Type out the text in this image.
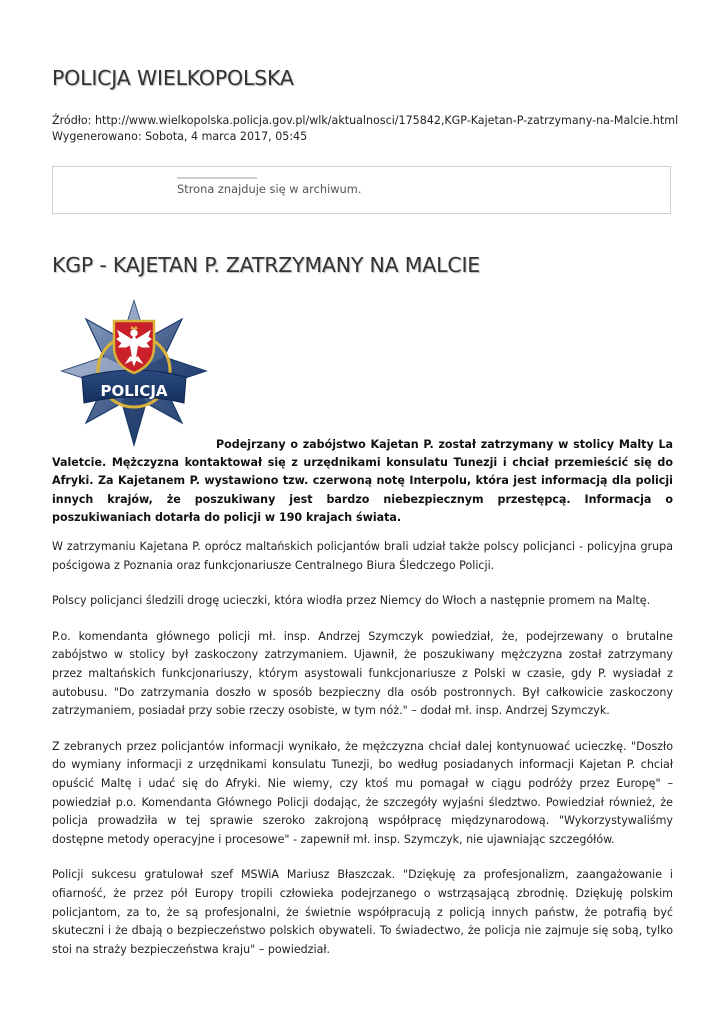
POLICJA WIELKOPOLSKA
Źródło: http://www.wielkopolska.policja.gov.pl/wlk/aktualnosci/175842,KGP-Kajetan-P-zatrzymany-na-Malcie.html
Wygenerowano: Sobota, 4 marca 2017, 05:45
Strona znajduje się w archiwum.
KGP - KAJETAN P. ZATRZYMANY NA MALCIE
POLICJA

Podejrzany o zabójstwo Kajetan P. został zatrzymany w stolicy Malty La Valetcie. Mężczyzna kontaktował się z urzędnikami konsulatu Tunezji i chciał przemieścić się do Afryki. Za Kajetanem P. wystawiono tzw. czerwoną notę Interpolu, która jest informacją dla policji innych krajów, że poszukiwany jest bardzo niebezpiecznym przestępcą. Informacja o poszukiwaniach dotarła do policji w 190 krajach świata.

W zatrzymaniu Kajetana P. oprócz maltańskich policjantów brali udział także polscy policjanci - policyjna grupa pościgowa z Poznania oraz funkcjonariusze Centralnego Biura Śledczego Policji.

Polscy policjanci śledzili drogę ucieczki, która wiodła przez Niemcy do Włoch a następnie promem na Maltę.

P.o. komendanta głównego policji mł. insp. Andrzej Szymczyk powiedział, że, podejrzewany o brutalne zabójstwo w stolicy był zaskoczony zatrzymaniem. Ujawnił, że poszukiwany mężczyzna został zatrzymany przez maltańskich funkcjonariuszy, którym asystowali funkcjonariusze z Polski w czasie, gdy P. wysiadał z autobusu. "Do zatrzymania doszło w sposób bezpieczny dla osób postronnych. Był całkowicie zaskoczony zatrzymaniem, posiadał przy sobie rzeczy osobiste, w tym nóż." – dodał mł. insp. Andrzej Szymczyk.

Z zebranych przez policjantów informacji wynikało, że mężczyzna chciał dalej kontynuować ucieczkę. "Doszło do wymiany informacji z urzędnikami konsulatu Tunezji, bo według posiadanych informacji Kajetan P. chciał opuścić Maltę i udać się do Afryki. Nie wiemy, czy ktoś mu pomagał w ciągu podróży przez Europę" – powiedział p.o. Komendanta Głównego Policji dodając, że szczegóły wyjaśni śledztwo. Powiedział również, że policja prowadziła w tej sprawie szeroko zakrojoną współpracę międzynarodową. "Wykorzystywaliśmy dostępne metody operacyjne i procesowe" - zapewnił mł. insp. Szymczyk, nie ujawniając szczegółów.

Policji sukcesu gratulował szef MSWiA Mariusz Błaszczak. "Dziękuję za profesjonalizm, zaangażowanie i ofiarność, że przez pół Europy tropili człowieka podejrzanego o wstrząsającą zbrodnię. Dziękuję polskim policjantom, za to, że są profesjonalni, że świetnie współpracują z policją innych państw, że potrafią być skuteczni i że dbają o bezpieczeństwo polskich obywateli. To świadectwo, że policja nie zajmuje się sobą, tylko stoi na straży bezpieczeństwa kraju" – powiedział.
